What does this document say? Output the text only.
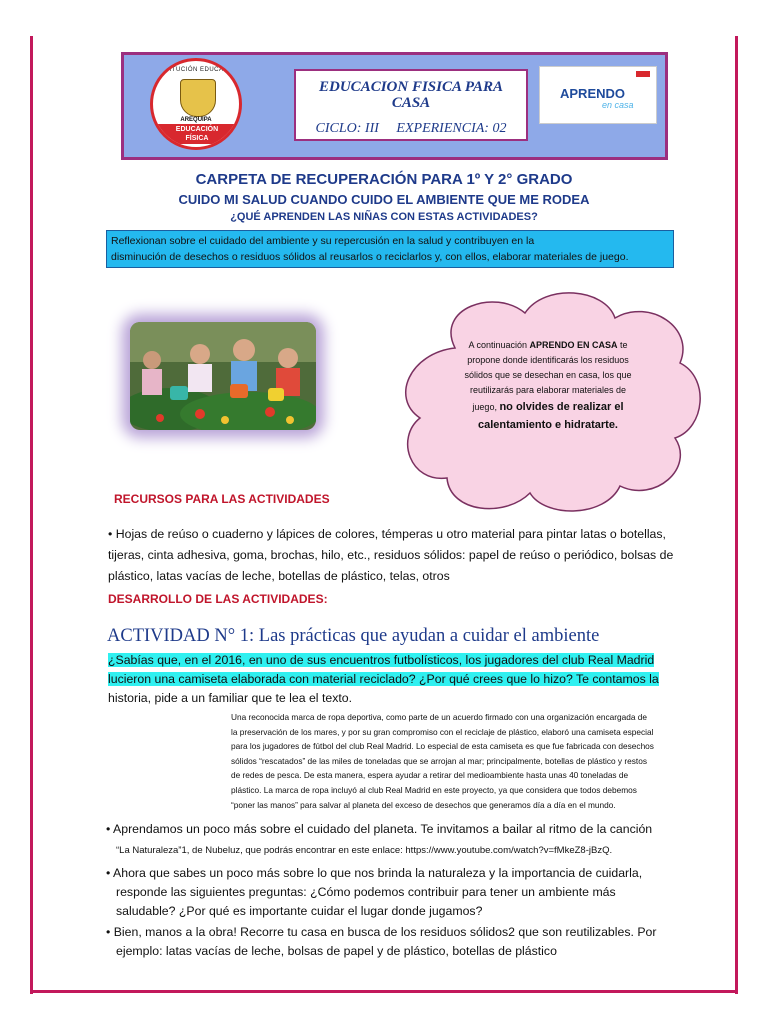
INSTITUCIÓN EDUCATIVA
AREQUIPA
EDUCACIÓN
FÍSICA
EDUCACION FISICA PARA
CASA
CICLO: III     EXPERIENCIA: 02
APRENDO
en casa
CARPETA DE RECUPERACIÓN PARA 1º Y 2° GRADO
CUIDO MI SALUD CUANDO CUIDO EL AMBIENTE QUE ME RODEA
¿QUÉ APRENDEN LAS NIÑAS CON ESTAS ACTIVIDADES?
Reflexionan sobre el cuidado del ambiente y su repercusión en la salud y contribuyen en la
disminución de desechos o residuos sólidos al reusarlos o reciclarlos y, con ellos, elaborar materiales de juego.
A continuación APRENDO EN CASA te
propone donde identificarás los residuos
sólidos que se desechan en casa, los que
reutilizarás para elaborar materiales de
juego, no olvides de realizar el
calentamiento e hidratarte.
RECURSOS PARA LAS ACTIVIDADES
• Hojas de reúso o cuaderno y lápices de colores, témperas u otro material para pintar latas o botellas, tijeras, cinta adhesiva, goma, brochas, hilo, etc., residuos sólidos: papel de reúso o periódico, bolsas de plástico, latas vacías de leche, botellas de plástico, telas, otros
DESARROLLO DE LAS ACTIVIDADES:
ACTIVIDAD N° 1: Las prácticas que ayudan a cuidar el ambiente
¿Sabías que, en el 2016, en uno de sus encuentros futbolísticos, los jugadores del club Real Madrid
lucieron una camiseta elaborada con material reciclado? ¿Por qué crees que lo hizo? Te contamos la
historia, pide a un familiar que te lea el texto.
Una reconocida marca de ropa deportiva, como parte de un acuerdo firmado con una organización encargada de
la preservación de los mares, y por su gran compromiso con el reciclaje de plástico, elaboró una camiseta especial
para los jugadores de fútbol del club Real Madrid. Lo especial de esta camiseta es que fue fabricada con desechos
sólidos “rescatados” de las miles de toneladas que se arrojan al mar; principalmente, botellas de plástico y restos
de redes de pesca. De esta manera, espera ayudar a retirar del medioambiente hasta unas 40 toneladas de
plástico. La marca de ropa incluyó al club Real Madrid en este proyecto, ya que considera que todos debemos
“poner las manos” para salvar al planeta del exceso de desechos que generamos día a día en el mundo.
• Aprendamos un poco más sobre el cuidado del planeta. Te invitamos a bailar al ritmo de la canción
“La Naturaleza”1, de Nubeluz, que podrás encontrar en este enlace: https://www.youtube.com/watch?v=fMkeZ8-jBzQ.
• Ahora que sabes un poco más sobre lo que nos brinda la naturaleza y la importancia de cuidarla,
responde las siguientes preguntas: ¿Cómo podemos contribuir para tener un ambiente más
saludable? ¿Por qué es importante cuidar el lugar donde jugamos?
• Bien, manos a la obra! Recorre tu casa en busca de los residuos sólidos2 que son reutilizables. Por
ejemplo: latas vacías de leche, bolsas de papel y de plástico, botellas de plástico
